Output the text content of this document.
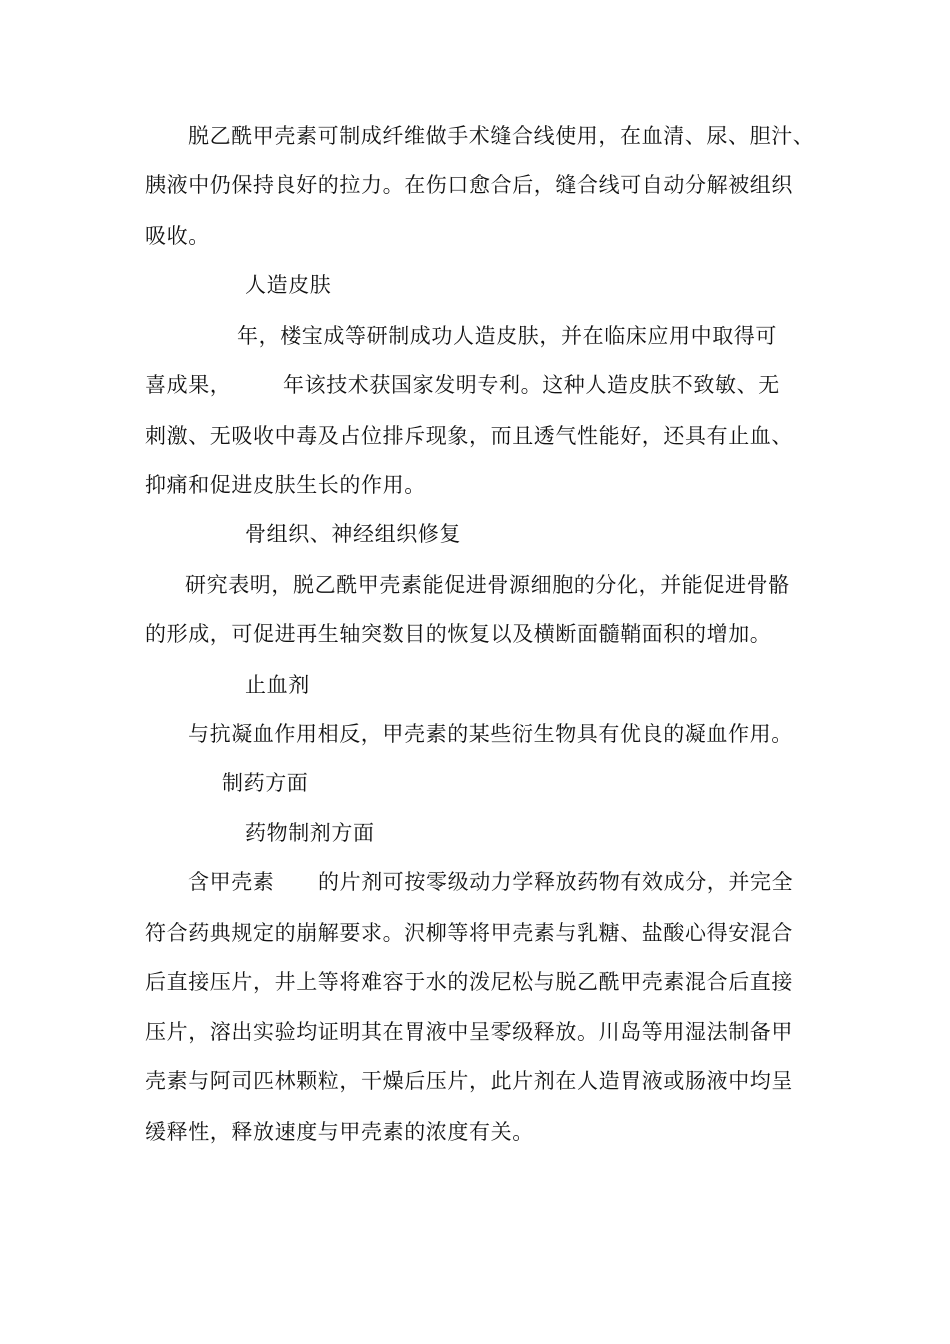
脱乙酰甲壳素可制成纤维做手术缝合线使用，在血清、尿、胆汁、
胰液中仍保持良好的拉力。在伤口愈合后，缝合线可自动分解被组织
吸收。
人造皮肤
年，楼宝成等研制成功人造皮肤，并在临床应用中取得可
喜成果， 年该技术获国家发明专利。这种人造皮肤不致敏、无
刺激、无吸收中毒及占位排斥现象，而且透气性能好，还具有止血、
抑痛和促进皮肤生长的作用。
骨组织、神经组织修复
研究表明，脱乙酰甲壳素能促进骨源细胞的分化，并能促进骨骼
的形成，可促进再生轴突数目的恢复以及横断面髓鞘面积的增加。
止血剂
与抗凝血作用相反，甲壳素的某些衍生物具有优良的凝血作用。
制药方面
药物制剂方面
含甲壳素 的片剂可按零级动力学释放药物有效成分，并完全
符合药典规定的崩解要求。沢柳等将甲壳素与乳糖、盐酸心得安混合
后直接压片，井上等将难容于水的泼尼松与脱乙酰甲壳素混合后直接
压片，溶出实验均证明其在胃液中呈零级释放。川岛等用湿法制备甲
壳素与阿司匹林颗粒，干燥后压片，此片剂在人造胃液或肠液中均呈
缓释性，释放速度与甲壳素的浓度有关。
